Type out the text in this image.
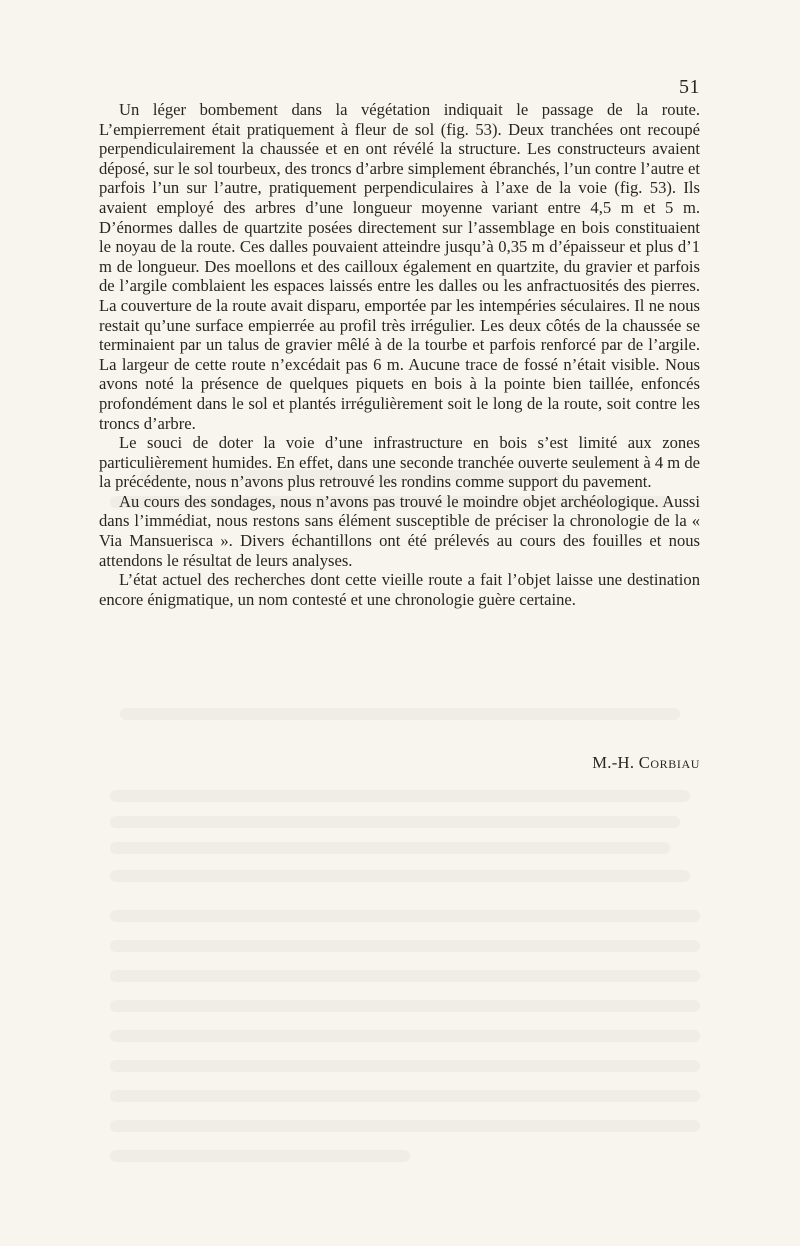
51

Un léger bombement dans la végétation indiquait le passage de la route. L’empierrement était pratiquement à fleur de sol (fig. 53). Deux tranchées ont recoupé perpendiculairement la chaussée et en ont révélé la structure. Les constructeurs avaient déposé, sur le sol tourbeux, des troncs d’arbre simplement ébranchés, l’un contre l’autre et parfois l’un sur l’autre, pratiquement perpendiculaires à l’axe de la voie (fig. 53). Ils avaient employé des arbres d’une longueur moyenne variant entre 4,5 m et 5 m. D’énormes dalles de quartzite posées directement sur l’assemblage en bois constituaient le noyau de la route. Ces dalles pouvaient atteindre jusqu’à 0,35 m d’épaisseur et plus d’1 m de longueur. Des moellons et des cailloux également en quartzite, du gravier et parfois de l’argile comblaient les espaces laissés entre les dalles ou les anfractuosités des pierres. La couverture de la route avait disparu, emportée par les intempéries séculaires. Il ne nous restait qu’une surface empierrée au profil très irrégulier. Les deux côtés de la chaussée se terminaient par un talus de gravier mêlé à de la tourbe et parfois renforcé par de l’argile. La largeur de cette route n’excédait pas 6 m. Aucune trace de fossé n’était visible. Nous avons noté la présence de quelques piquets en bois à la pointe bien taillée, enfoncés profondément dans le sol et plantés irrégulièrement soit le long de la route, soit contre les troncs d’arbre.

Le souci de doter la voie d’une infrastructure en bois s’est limité aux zones particulièrement humides. En effet, dans une seconde tranchée ouverte seulement à 4 m de la précédente, nous n’avons plus retrouvé les rondins comme support du pavement.

Au cours des sondages, nous n’avons pas trouvé le moindre objet archéologique. Aussi dans l’immédiat, nous restons sans élément susceptible de préciser la chronologie de la « Via Mansuerisca ». Divers échantillons ont été prélevés au cours des fouilles et nous attendons le résultat de leurs analyses.

L’état actuel des recherches dont cette vieille route a fait l’objet laisse une destination encore énigmatique, un nom contesté et une chronologie guère certaine.

M.-H. Corbiau
